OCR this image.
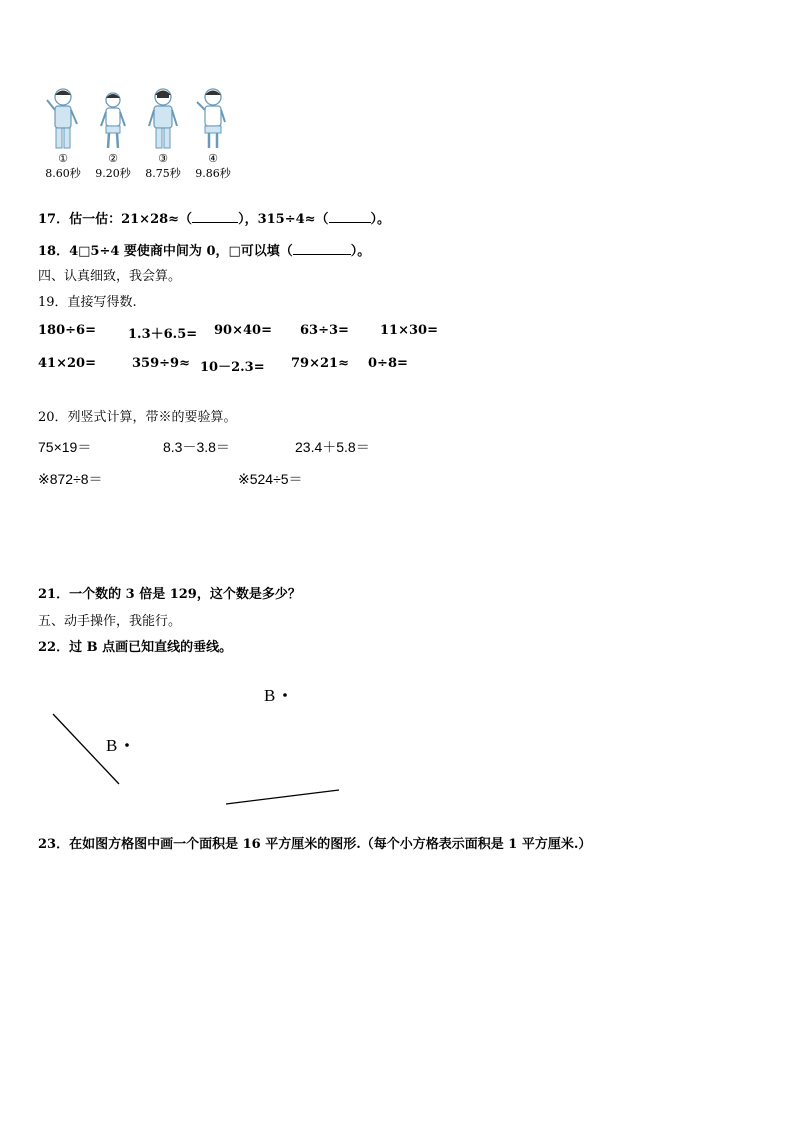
①
8.60秒
②
9.20秒
③
8.75秒
④
9.86秒
17．估一估：21×28≈（	），315÷4≈（	）。
18．4□5÷4 要使商中间为 0，□可以填（	）。
四、认真细致，我会算。
19．直接写得数.
180÷6= 1.3＋6.5= 90×40= 63÷3= 11×30=
41×20=	359÷9≈ 10－2.3= 79×21≈ 0÷8=
20．列竖式计算，带※的要验算。
75×19＝	8.3－3.8＝	23.4＋5.8＝
※872÷8＝	※524÷5＝
21．一个数的 3 倍是 129，这个数是多少？
五、动手操作，我能行。
22．过 B 点画已知直线的垂线。
B
B
23．在如图方格图中画一个面积是 16 平方厘米的图形.（每个小方格表示面积是 1 平方厘米.）
